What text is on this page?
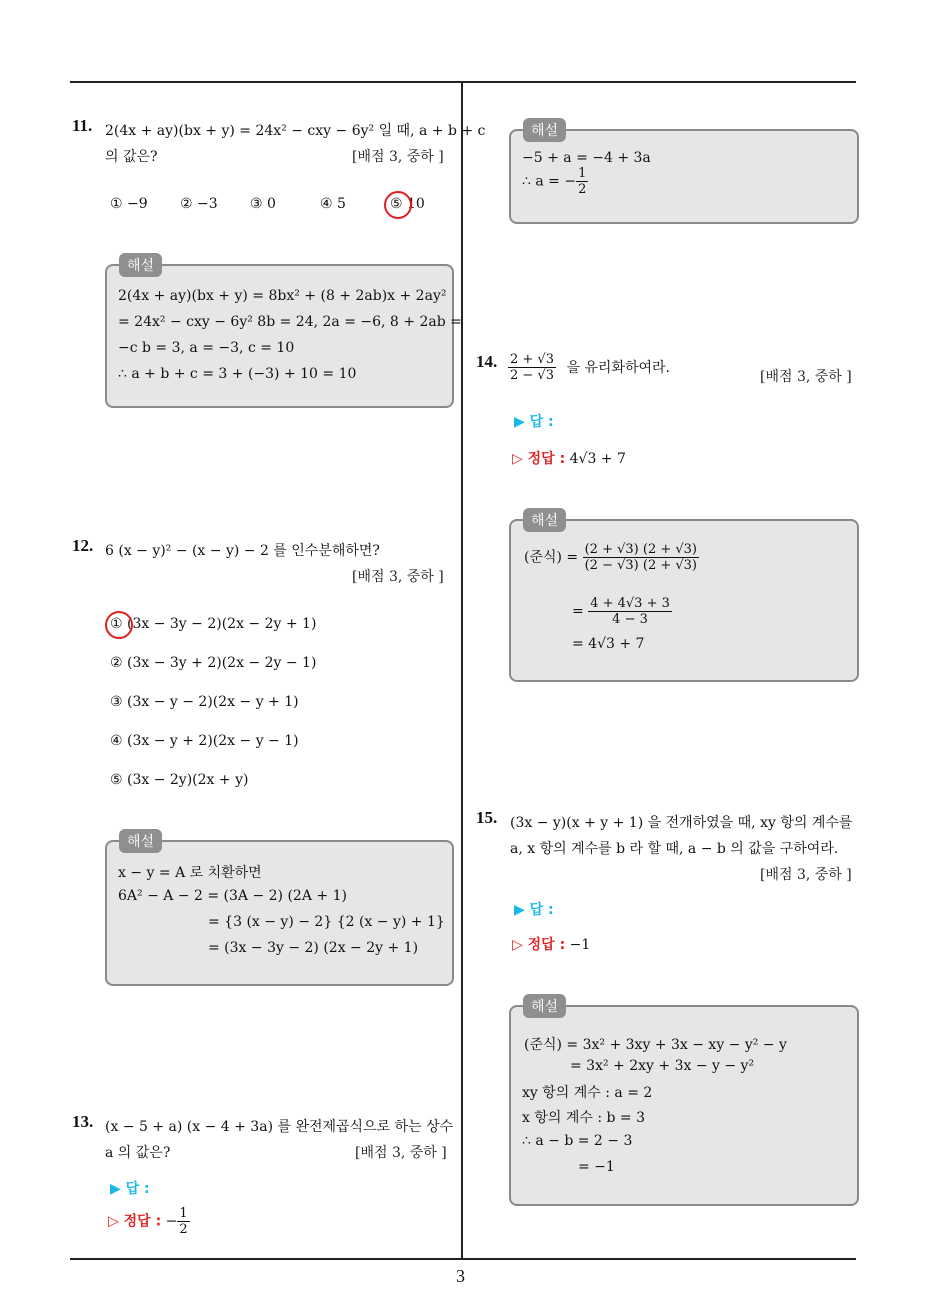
3
11. 2(4x + ay)(bx + y) = 24x² − cxy − 6y² 일 때, a + b + c
의 값은?	[배점 3, 중하 ]
① −9 ② −3 ③ 0	④ 5	⑤ 10
해설
2(4x + ay)(bx + y) = 8bx² + (8 + 2ab)x + 2ay²
= 24x² − cxy − 6y² 8b = 24, 2a = −6, 8 + 2ab =
−c b = 3, a = −3, c = 10
∴ a + b + c = 3 + (−3) + 10 = 10
12. 6 (x − y)² − (x − y) − 2 를 인수분해하면?
[배점 3, 중하 ]
① (3x − 3y − 2)(2x − 2y + 1)
② (3x − 3y + 2)(2x − 2y − 1)
③ (3x − y − 2)(2x − y + 1)
④ (3x − y + 2)(2x − y − 1)
⑤ (3x − 2y)(2x + y)
해설
x − y = A 로 치환하면
6A² − A − 2 = (3A − 2) (2A + 1)
= {3 (x − y) − 2} {2 (x − y) + 1}
= (3x − 3y − 2) (2x − 2y + 1)
13. (x − 5 + a) (x − 4 + 3a) 를 완전제곱식으로 하는 상수
a 의 값은?	[배점 3, 중하 ]
▶ 답 :
▷ 정답 : − $\frac{1}{2}$
해설
−5 + a = −4 + 3a
∴ a = − $\frac{1}{2}$
14. $\frac{2 + √3}{2 - √3}$ 을 유리화하여라.
[배점 3, 중하 ]
▶ 답 :
▷ 정답 : 4√3 + 7
해설
(준식) = $\frac{(2 + √3) (2 + √3)}{(2 - √3) (2 + √3)}$
= $\frac{4 + 4√3 + 3}{4 - 3}$
= 4√3 + 7
15. (3x − y)(x + y + 1) 을 전개하였을 때, xy 항의 계수를
a, x 항의 계수를 b 라 할 때, a − b 의 값을 구하여라.
[배점 3, 중하 ]
▶ 답 :
▷ 정답 : −1
해설
(준식) = 3x² + 3xy + 3x − xy − y² − y
= 3x² + 2xy + 3x − y − y²
xy 항의 계수 : a = 2
x 항의 계수 : b = 3
∴ a − b = 2 − 3
= −1
